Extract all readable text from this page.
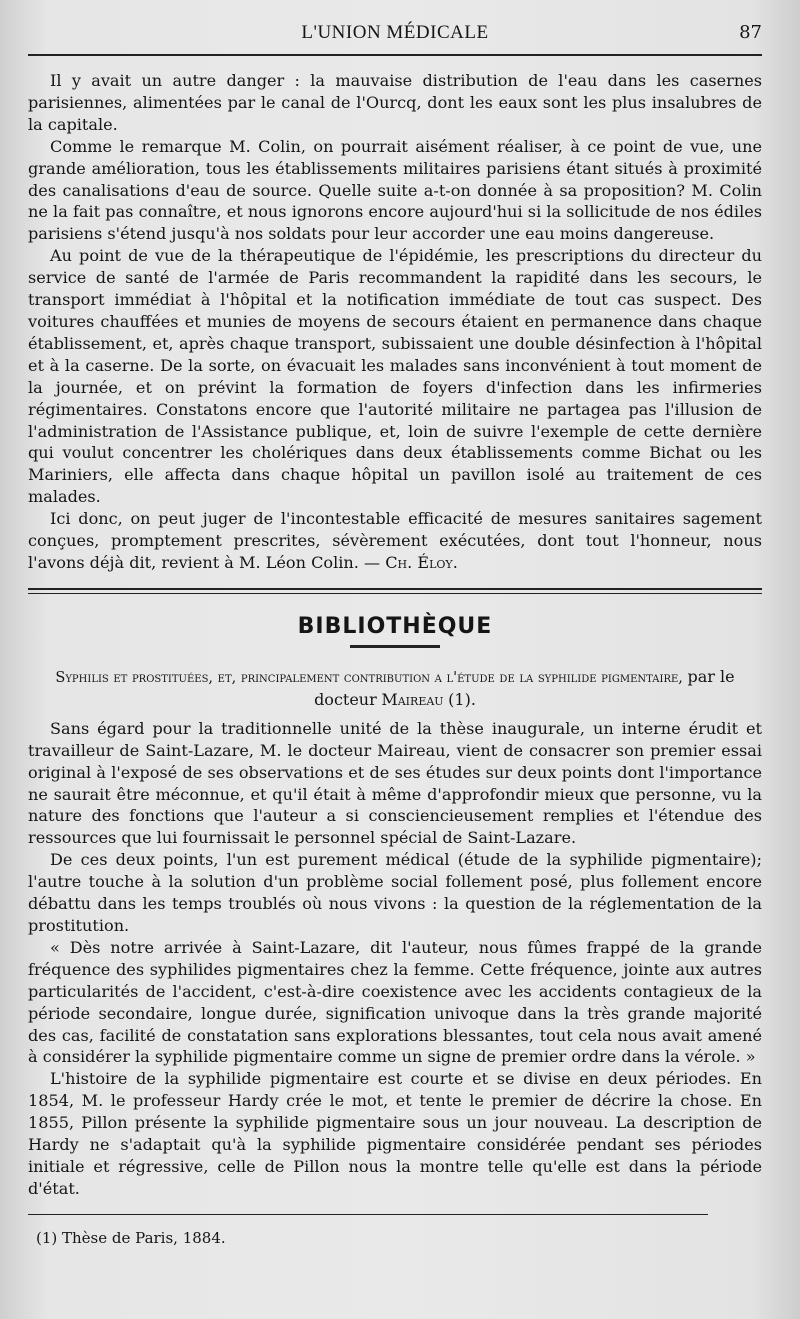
L'UNION MÉDICALE	87

Il y avait un autre danger : la mauvaise distribution de l'eau dans les casernes parisiennes, alimentées par le canal de l'Ourcq, dont les eaux sont les plus insalubres de la capitale.

Comme le remarque M. Colin, on pourrait aisément réaliser, à ce point de vue, une grande amélioration, tous les établissements militaires parisiens étant situés à proximité des canalisations d'eau de source. Quelle suite a-t-on donnée à sa proposition? M. Colin ne la fait pas connaître, et nous ignorons encore aujourd'hui si la sollicitude de nos édiles parisiens s'étend jusqu'à nos soldats pour leur accorder une eau moins dangereuse.

Au point de vue de la thérapeutique de l'épidémie, les prescriptions du directeur du service de santé de l'armée de Paris recommandent la rapidité dans les secours, le transport immédiat à l'hôpital et la notification immédiate de tout cas suspect. Des voitures chauffées et munies de moyens de secours étaient en permanence dans chaque établissement, et, après chaque transport, subissaient une double désinfection à l'hôpital et à la caserne. De la sorte, on évacuait les malades sans inconvénient à tout moment de la journée, et on prévint la formation de foyers d'infection dans les infirmeries régimentaires. Constatons encore que l'autorité militaire ne partagea pas l'illusion de l'administration de l'Assistance publique, et, loin de suivre l'exemple de cette dernière qui voulut concentrer les cholériques dans deux établissements comme Bichat ou les Mariniers, elle affecta dans chaque hôpital un pavillon isolé au traitement de ces malades.

Ici donc, on peut juger de l'incontestable efficacité de mesures sanitaires sagement conçues, promptement prescrites, sévèrement exécutées, dont tout l'honneur, nous l'avons déjà dit, revient à M. Léon Colin. — Ch. Éloy.

BIBLIOTHÈQUE
Syphilis et prostituées, et, principalement contribution a l'étude de la syphilide pigmentaire, par le docteur Maireau (1).

Sans égard pour la traditionnelle unité de la thèse inaugurale, un interne érudit et travailleur de Saint-Lazare, M. le docteur Maireau, vient de consacrer son premier essai original à l'exposé de ses observations et de ses études sur deux points dont l'importance ne saurait être méconnue, et qu'il était à même d'approfondir mieux que personne, vu la nature des fonctions que l'auteur a si consciencieusement remplies et l'étendue des ressources que lui fournissait le personnel spécial de Saint-Lazare.

De ces deux points, l'un est purement médical (étude de la syphilide pigmentaire); l'autre touche à la solution d'un problème social follement posé, plus follement encore débattu dans les temps troublés où nous vivons : la question de la réglementation de la prostitution.

« Dès notre arrivée à Saint-Lazare, dit l'auteur, nous fûmes frappé de la grande fréquence des syphilides pigmentaires chez la femme. Cette fréquence, jointe aux autres particularités de l'accident, c'est-à-dire coexistence avec les accidents contagieux de la période secondaire, longue durée, signification univoque dans la très grande majorité des cas, facilité de constatation sans explorations blessantes, tout cela nous avait amené à considérer la syphilide pigmentaire comme un signe de premier ordre dans la vérole. »

L'histoire de la syphilide pigmentaire est courte et se divise en deux périodes. En 1854, M. le professeur Hardy crée le mot, et tente le premier de décrire la chose. En 1855, Pillon présente la syphilide pigmentaire sous un jour nouveau. La description de Hardy ne s'adaptait qu'à la syphilide pigmentaire considérée pendant ses périodes initiale et régressive, celle de Pillon nous la montre telle qu'elle est dans la période d'état.

(1) Thèse de Paris, 1884.
